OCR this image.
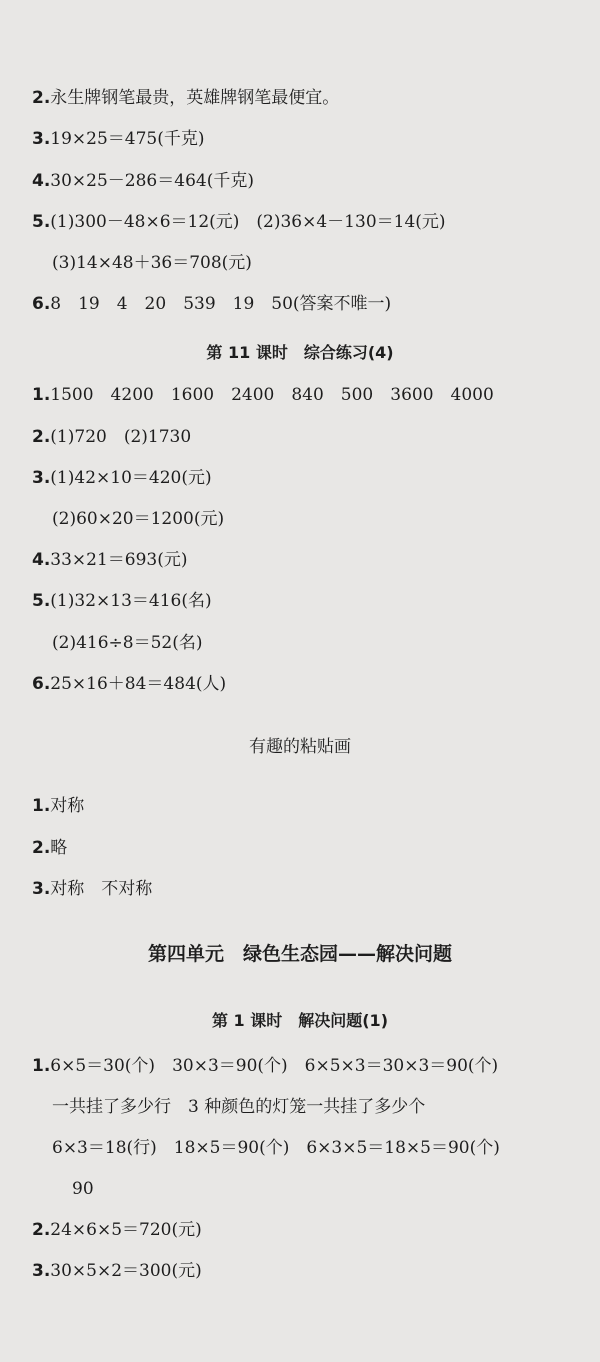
2.永生牌钢笔最贵，英雄牌钢笔最便宜。
3.19×25＝475(千克)
4.30×25－286＝464(千克)
5.(1)300－48×6＝12(元)　(2)36×4－130＝14(元)
(3)14×48＋36＝708(元)
6.8　19　4　20　539　19　50(答案不唯一)
第 11 课时　综合练习(4)
1.1500　4200　1600　2400　840　500　3600　4000
2.(1)720　(2)1730
3.(1)42×10＝420(元)
(2)60×20＝1200(元)
4.33×21＝693(元)
5.(1)32×13＝416(名)
(2)416÷8＝52(名)
6.25×16＋84＝484(人)
有趣的粘贴画
1.对称
2.略
3.对称　不对称
第四单元　绿色生态园——解决问题
第 1 课时　解决问题(1)
1.6×5＝30(个)　30×3＝90(个)　6×5×3＝30×3＝90(个)
一共挂了多少行　3 种颜色的灯笼一共挂了多少个
6×3＝18(行)　18×5＝90(个)　6×3×5＝18×5＝90(个)
90
2.24×6×5＝720(元)
3.30×5×2＝300(元)
